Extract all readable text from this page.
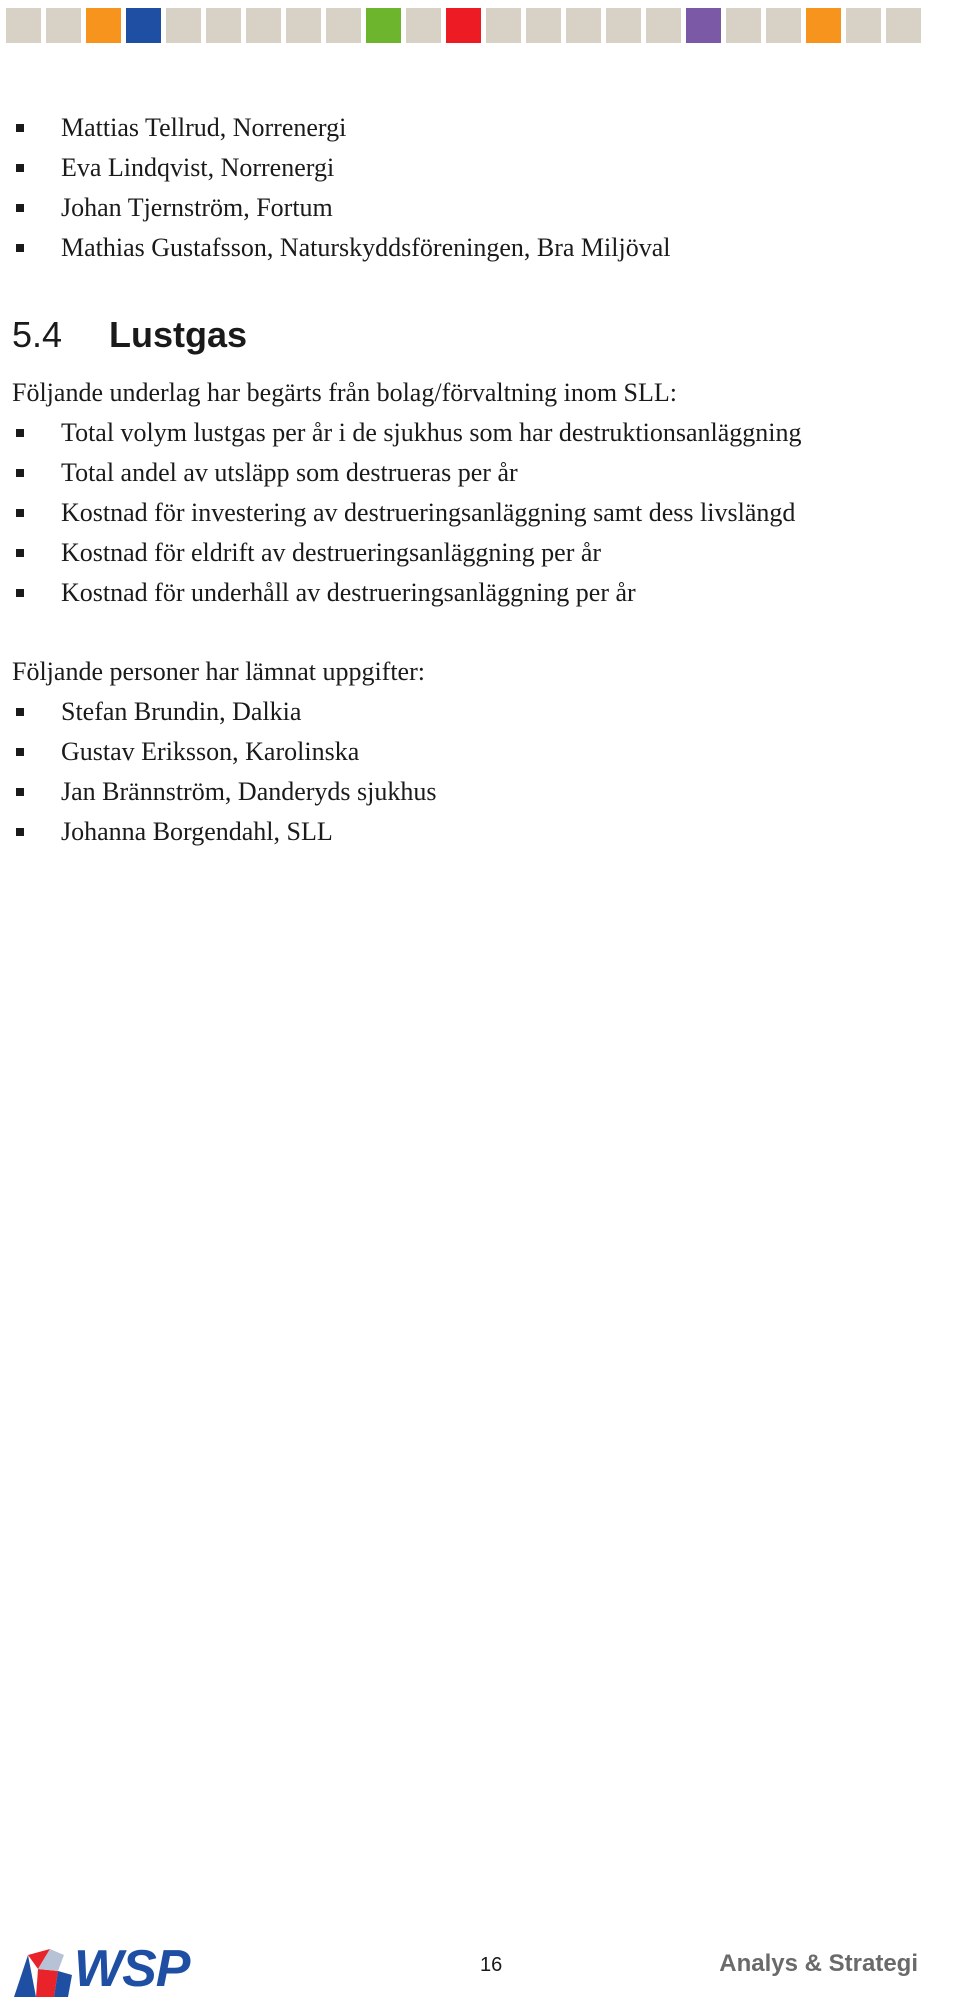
Mattias Tellrud, Norrenergi
Eva Lindqvist, Norrenergi
Johan Tjernström, Fortum
Mathias Gustafsson, Naturskyddsföreningen, Bra Miljöval
5.4	Lustgas

Följande underlag har begärts från bolag/förvaltning inom SLL:

Total volym lustgas per år i de sjukhus som har destruktionsanläggning
Total andel av utsläpp som destrueras per år
Kostnad för investering av destrueringsanläggning samt dess livslängd
Kostnad för eldrift av destrueringsanläggning per år
Kostnad för underhåll av destrueringsanläggning per år

Följande personer har lämnat uppgifter:

Stefan Brundin, Dalkia
Gustav Eriksson, Karolinska
Jan Brännström, Danderyds sjukhus
Johanna Borgendahl, SLL
WSP	16	Analys & Strategi
